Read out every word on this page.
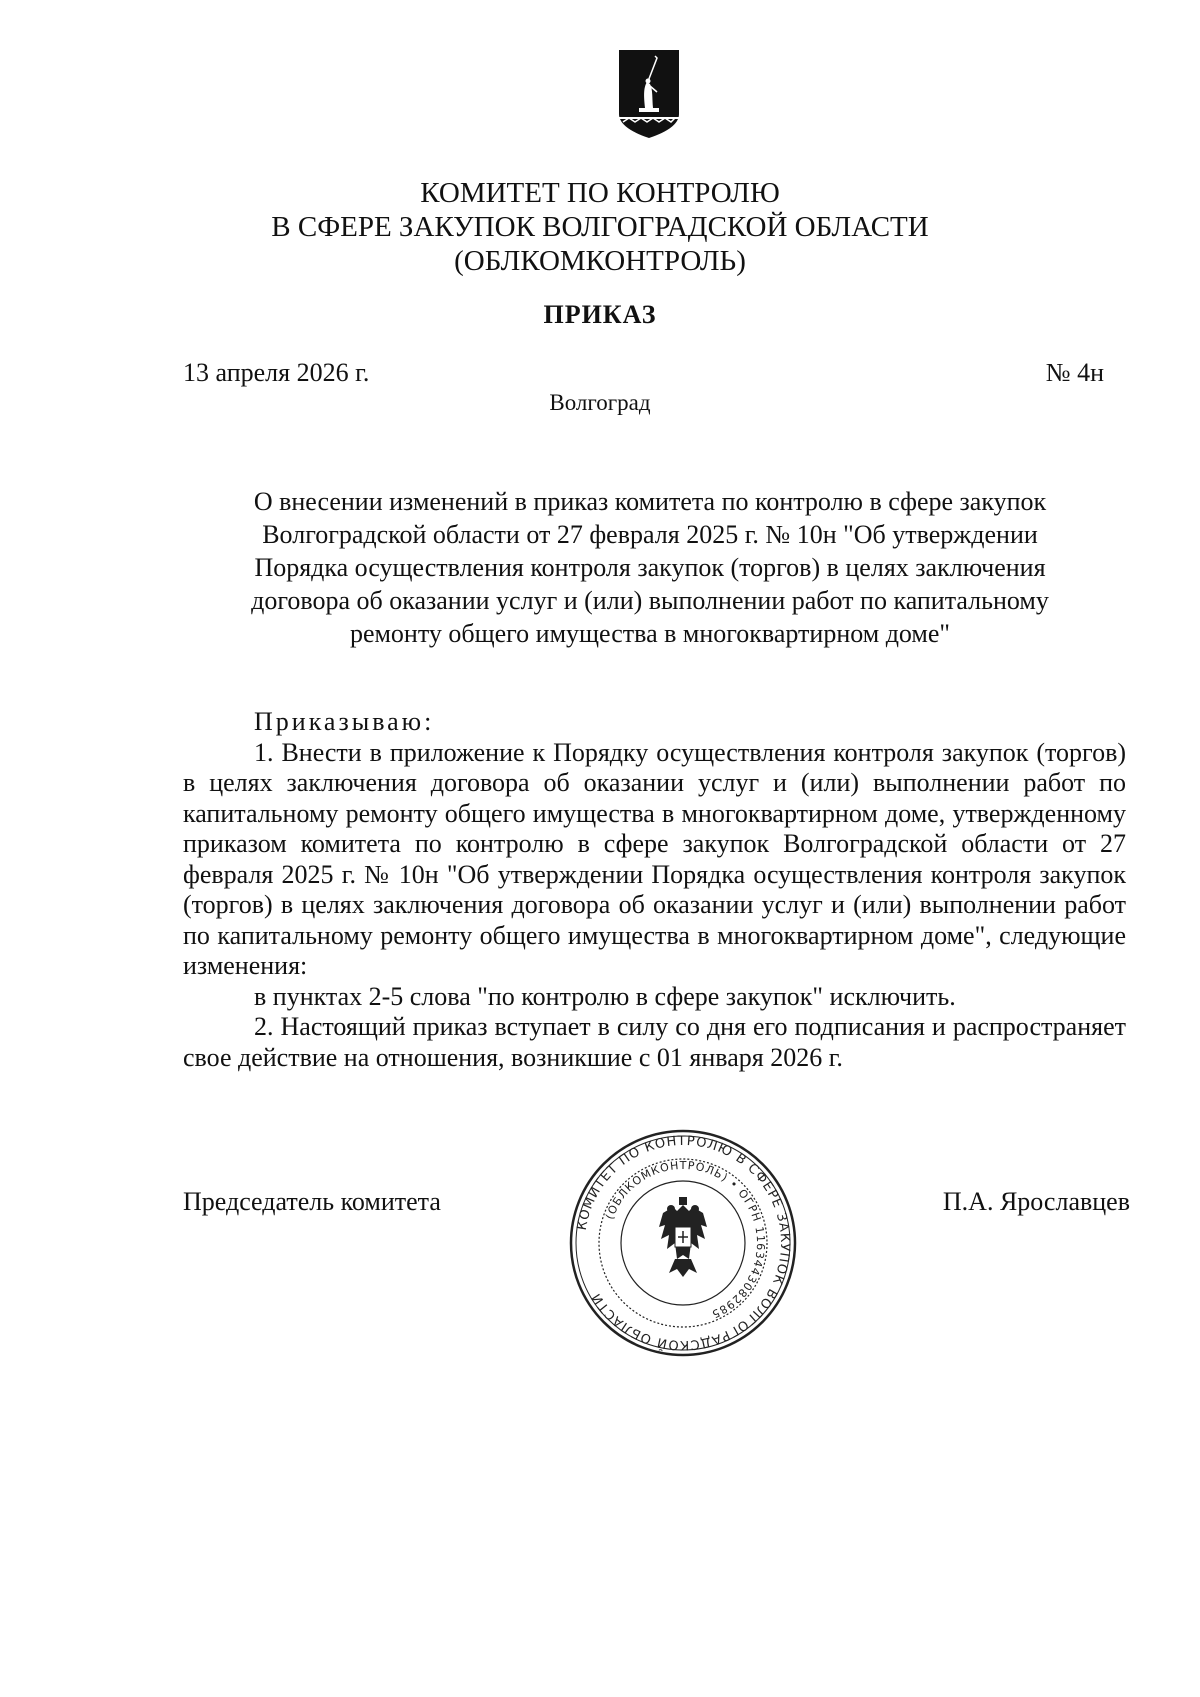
КОМИТЕТ ПО КОНТРОЛЮ
В СФЕРЕ ЗАКУПОК ВОЛГОГРАДСКОЙ ОБЛАСТИ
(ОБЛКОМКОНТРОЛЬ)
ПРИКАЗ
13 апреля 2026 г.	№ 4н
Волгоград
О внесении изменений в приказ комитета по контролю в сфере закупок
Волгоградской области от 27 февраля 2025 г. № 10н "Об утверждении
Порядка осуществления контроля закупок (торгов) в целях заключения
договора об оказании услуг и (или) выполнении работ по капитальному
ремонту общего имущества в многоквартирном доме"

Приказываю:

1. Внести в приложение к Порядку осуществления контроля закупок (торгов) в целях заключения договора об оказании услуг и (или) выполнении работ по капитальному ремонту общего имущества в многоквартирном доме, утвержденному приказом комитета по контролю в сфере закупок Волгоградской области от 27 февраля 2025 г. № 10н "Об утверждении Порядка осуществления контроля закупок (торгов) в целях заключения договора об оказании услуг и (или) выполнении работ по капитальному ремонту общего имущества в многоквартирном доме", следующие изменения:

в пунктах 2-5 слова "по контролю в сфере закупок" исключить.

2. Настоящий приказ вступает в силу со дня его подписания и распространяет свое действие на отношения, возникшие с 01 января 2026 г.

Председатель комитета	П.А. Ярославцев
КОМИТЕТ ПО КОНТРОЛЮ В СФЕРЕ ЗАКУПОК ВОЛГОГРАДСКОЙ ОБЛАСТИ
(ОБЛКОМКОНТРОЛЬ) • ОГРН 1163443082985
